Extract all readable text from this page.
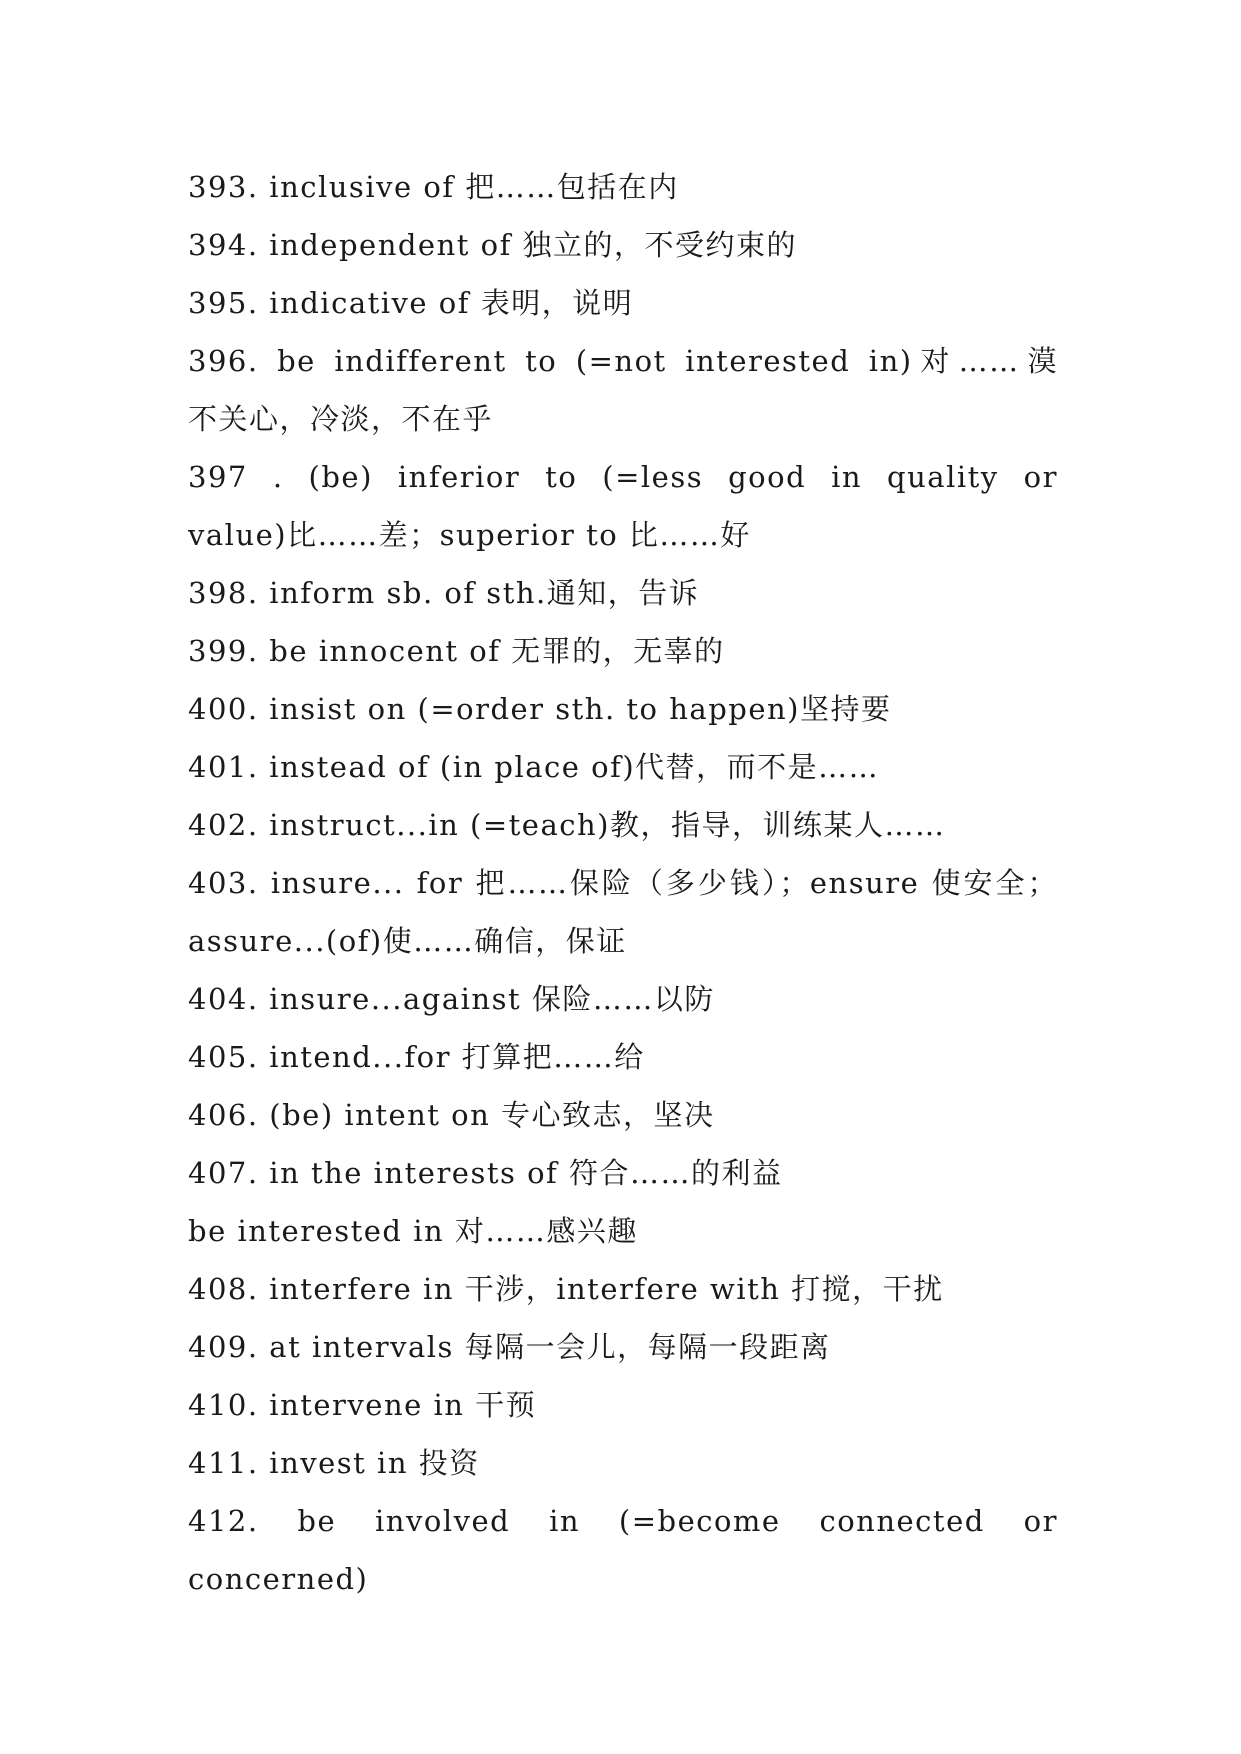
393. inclusive of 把……包括在内
394. independent of 独立的，不受约束的
395. indicative of 表明，说明
396. be indifferent to (=not interested in)对……漠
不关心，冷淡，不在乎
397 . (be) inferior to (=less good in quality or
value)比……差；superior to 比……好
398. inform sb. of sth.通知，告诉
399. be innocent of 无罪的，无辜的
400. insist on (=order sth. to happen)坚持要
401. instead of (in place of)代替，而不是……
402. instruct...in (=teach)教，指导，训练某人……
403. insure... for 把……保险（多少钱）；ensure 使安全；
assure...(of)使……确信，保证
404. insure...against 保险……以防
405. intend...for 打算把……给
406. (be) intent on 专心致志，坚决
407. in the interests of 符合……的利益
be interested in 对……感兴趣
408. interfere in 干涉，interfere with 打搅，干扰
409. at intervals 每隔一会儿，每隔一段距离
410. intervene in 干预
411. invest in 投资
412. be involved in (=become connected or concerned)
